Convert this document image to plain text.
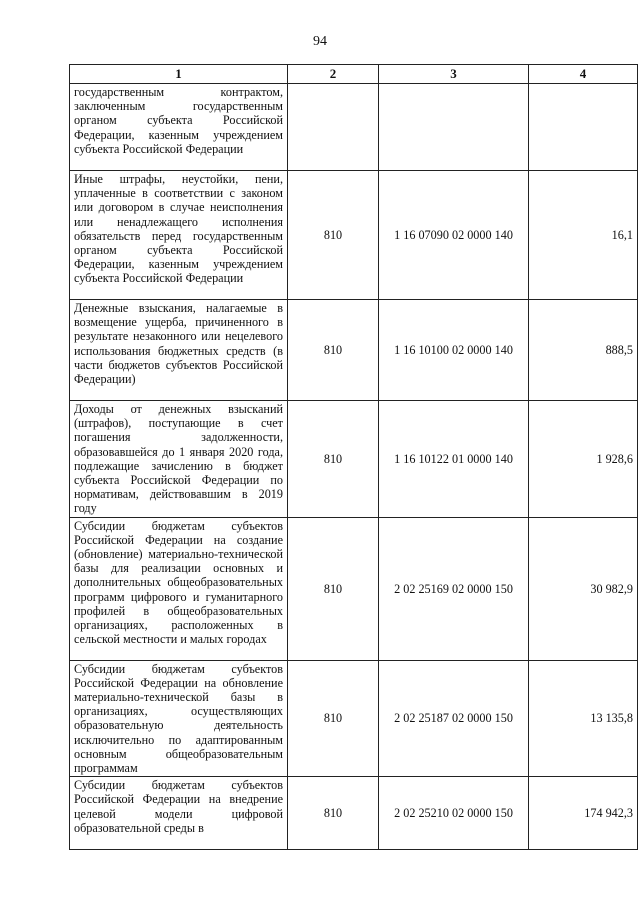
94
1	2	3	4
государственным контрактом, заключенным государственным органом субъекта Российской Федерации, казенным учреждением субъекта Российской Федерации			
Иные штрафы, неустойки, пени, уплаченные в соответствии с законом или договором в случае неисполнения или ненадлежащего исполнения обязательств перед государственным органом субъекта Российской Федерации, казенным учреждением субъекта Российской Федерации	810	1 16 07090 02 0000 140	16,1
Денежные взыскания, налагаемые в возмещение ущерба, причиненного в результате незаконного или нецелевого использования бюджетных средств (в части бюджетов субъектов Российской Федерации)	810	1 16 10100 02 0000 140	888,5
Доходы от денежных взысканий (штрафов), поступающие в счет погашения задолженности, образовавшейся до 1 января 2020 года, подлежащие зачислению в бюджет субъекта Российской Федерации по нормативам, действовавшим в 2019 году	810	1 16 10122 01 0000 140	1 928,6
Субсидии бюджетам субъектов Российской Федерации на создание (обновление) материально-технической базы для реализации основных и дополнительных общеобразовательных программ цифрового и гуманитарного профилей в общеобразовательных организациях, расположенных в сельской местности и малых городах	810	2 02 25169 02 0000 150	30 982,9
Субсидии бюджетам субъектов Российской Федерации на обновление материально-технической базы в организациях, осуществляющих образовательную деятельность исключительно по адаптированным основным общеобразовательным программам	810	2 02 25187 02 0000 150	13 135,8
Субсидии бюджетам субъектов Российской Федерации на внедрение целевой модели цифровой образовательной среды в	810	2 02 25210 02 0000 150	174 942,3
